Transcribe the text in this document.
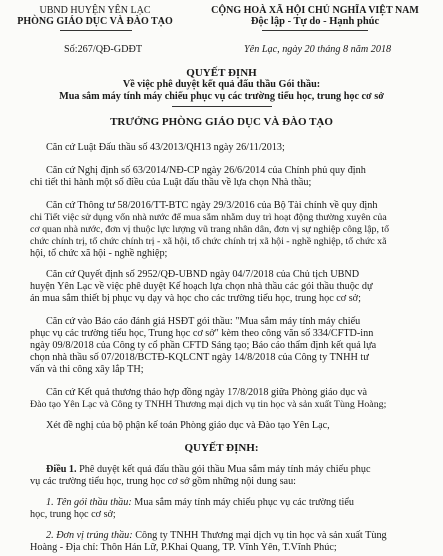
UBND HUYỆN YÊN LẠC
PHÒNG GIÁO DỤC VÀ ĐÀO TẠO
CỘNG HOÀ XÃ HỘI CHỦ NGHĨA VIỆT NAM
Độc lập - Tự do - Hạnh phúc
Số:267/QĐ-GDĐT	Yên Lạc, ngày 20 tháng 8 năm 2018
QUYẾT ĐỊNH
Về việc phê duyệt kết quả đấu thầu Gói thầu:
Mua sắm máy tính máy chiếu phục vụ các trường tiểu học, trung học cơ sở
TRƯỞNG PHÒNG GIÁO DỤC VÀ ĐÀO TẠO
Căn cứ Luật Đấu thầu số 43/2013/QH13 ngày 26/11/2013;
Căn cứ Nghị định số 63/2014/NĐ-CP ngày 26/6/2014 của Chính phủ quy định
chi tiết thi hành một số điều của Luật đấu thầu về lựa chọn Nhà thầu;
Căn cứ Thông tư 58/2016/TT-BTC ngày 29/3/2016 của Bộ Tài chính về quy định
chi Tiết việc sử dụng vốn nhà nước để mua sắm nhằm duy trì hoạt động thường xuyên của
cơ quan nhà nước, đơn vị thuộc lực lượng vũ trang nhân dân, đơn vị sự nghiệp công lập, tổ
chức chính trị, tổ chức chính trị - xã hội, tổ chức chính trị xã hội - nghề nghiệp, tổ chức xã
hội, tổ chức xã hội - nghề nghiệp;
Căn cứ Quyết định số 2952/QĐ-UBND ngày 04/7/2018 của Chủ tịch UBND
huyện Yên Lạc về việc phê duyệt Kế hoạch lựa chọn nhà thầu các gói thầu thuộc dự
án mua sắm thiết bị phục vụ dạy và học cho các trường tiểu học, trung học cơ sở;
Căn cứ vào Báo cáo đánh giá HSĐT gói thầu: "Mua sắm máy tính máy chiếu
phục vụ các trường tiểu học, Trung học cơ sở" kèm theo công văn số 334/CFTD-inn
ngày 09/8/2018 của Công ty cổ phần CFTD Sáng tạo; Báo cáo thẩm định kết quả lựa
chọn nhà thầu số 07/2018/BCTĐ-KQLCNT ngày 14/8/2018 của Công ty TNHH tư
vấn và thi công xây lắp TH;
Căn cứ Kết quả thương thảo hợp đồng ngày 17/8/2018 giữa Phòng giáo dục và
Đào tạo Yên Lạc và Công ty TNHH Thương mại dịch vụ tin học và sản xuất Tùng Hoàng;
Xét đề nghị của bộ phận kế toán Phòng giáo dục và Đào tạo Yên Lạc,
QUYẾT ĐỊNH:
Điều 1. Phê duyệt kết quả đấu thầu gói thầu Mua sắm máy tính máy chiếu phục
vụ các trường tiểu học, trung học cơ sở gồm những nội dung sau:
1. Tên gói thầu thầu: Mua sắm máy tính máy chiếu phục vụ các trường tiểu
học, trung học cơ sở;
2. Đơn vị trúng thầu: Công ty TNHH Thương mại dịch vụ tin học và sản xuất Tùng
Hoàng - Địa chỉ: Thôn Hán Lữ, P.Khai Quang, TP. Vĩnh Yên, T.Vĩnh Phúc;
